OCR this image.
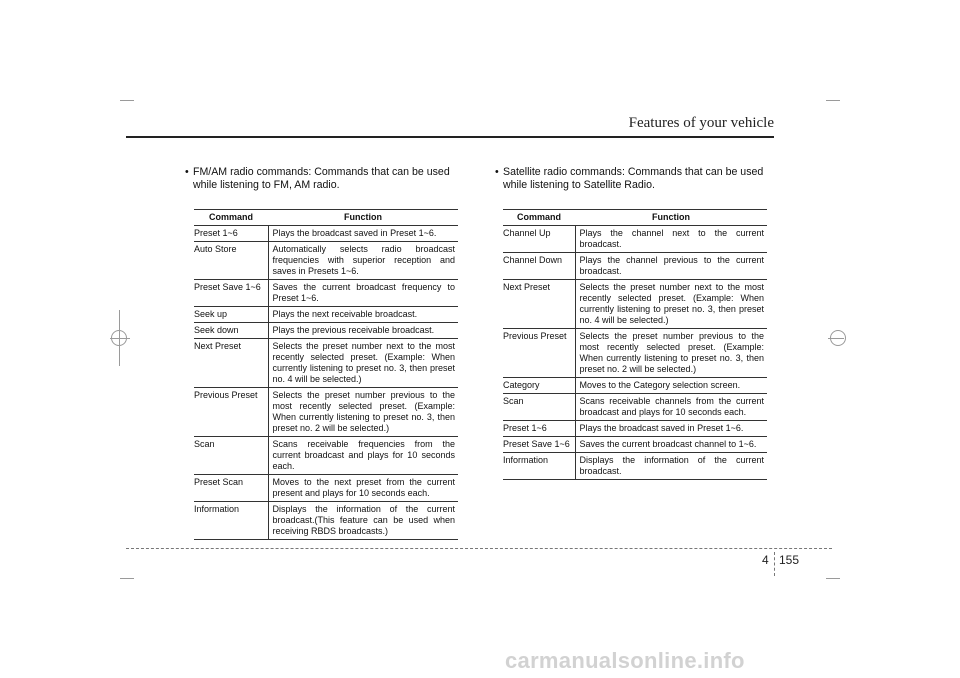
Features of your vehicle
• FM/AM radio commands: Commands that can be used while listening to FM, AM radio.
Command	Function
Preset 1~6	Plays the broadcast saved in Preset 1~6.
Auto Store	Automatically selects radio broadcast frequencies with superior reception and saves in Presets 1~6.
Preset Save 1~6	Saves the current broadcast frequency to Preset 1~6.
Seek up	Plays the next receivable broadcast.
Seek down	Plays the previous receivable broadcast.
Next Preset	Selects the preset number next to the most recently selected preset. (Example: When currently listening to preset no. 3, then preset no. 4 will be selected.)
Previous Preset	Selects the preset number previous to the most recently selected preset. (Example: When currently listening to preset no. 3, then preset no. 2 will be selected.)
Scan	Scans receivable frequencies from the current broadcast and plays for 10 seconds each.
Preset Scan	Moves to the next preset from the current present and plays for 10 seconds each.
Information	Displays the information of the current broadcast.(This feature can be used when receiving RBDS broadcasts.)
• Satellite radio commands: Commands that can be used while listening to Satellite Radio.
Command	Function
Channel Up	Plays the channel next to the current broadcast.
Channel Down	Plays the channel previous to the current broadcast.
Next Preset	Selects the preset number next to the most recently selected preset. (Example: When currently listening to preset no. 3, then preset no. 4 will be selected.)
Previous Preset	Selects the preset number previous to the most recently selected preset. (Example: When currently listening to preset no. 3, then preset no. 2 will be selected.)
Category	Moves to the Category selection screen.
Scan	Scans receivable channels from the current broadcast and plays for 10 seconds each.
Preset 1~6	Plays the broadcast saved in Preset 1~6.
Preset Save 1~6	Saves the current broadcast channel to 1~6.
Information	Displays the information of the current broadcast.
4 155
carmanualsonline.info
